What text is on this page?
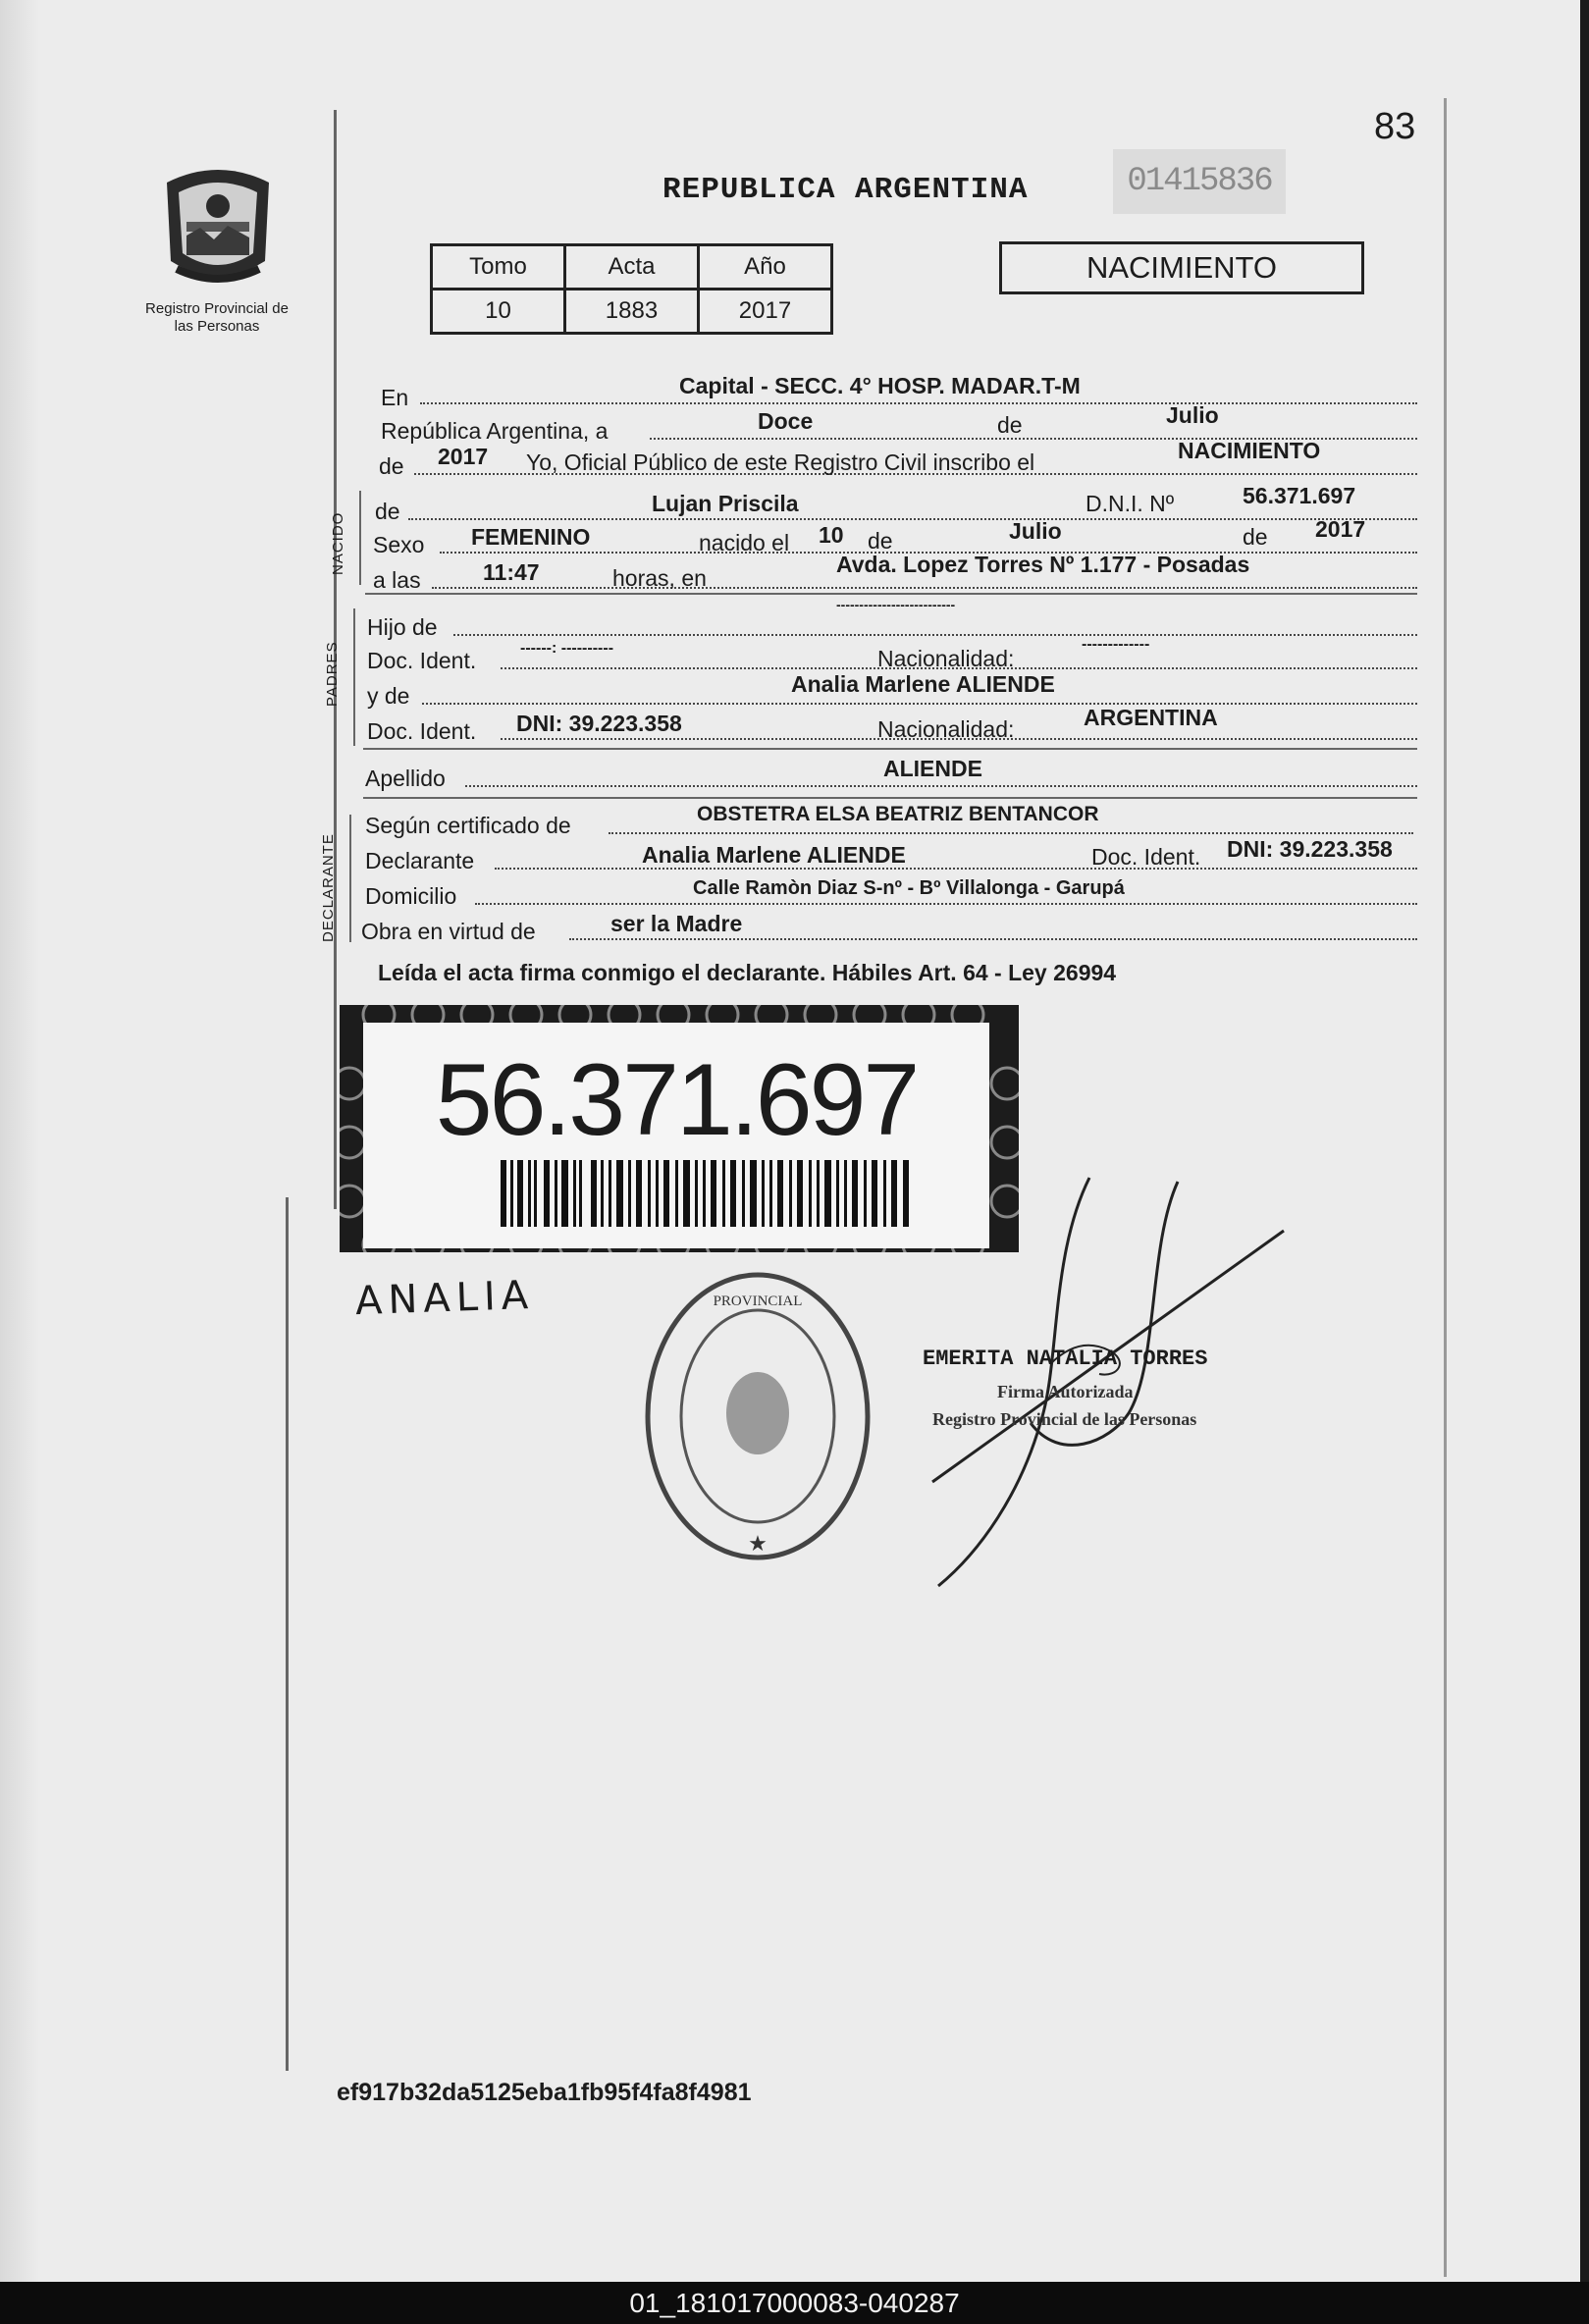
83
Registro Provincial de las Personas
REPUBLICA ARGENTINA	01415836
NACIMIENTO
Tomo	Acta	Año
10	1883	2017
En	Capital - SECC. 4° HOSP. MADAR.T-M
República Argentina, a	Doce	de	Julio
de 2017 Yo, Oficial Público de este Registro Civil inscribo el	NACIMIENTO
NACIDO
de	Lujan Priscila	D.N.I. Nº	56.371.697
Sexo FEMENINO	nacido el 10 de	Julio	de 2017
a las	11:47	horas, en
Avda. Lopez Torres Nº 1.177 - Posadas
PADRES
Hijo de
--------------------------
Doc. Ident.	------: ----------	Nacionalidad:
-------------
y de	Analia Marlene ALIENDE
Doc. Ident. DNI: 39.223.358	Nacionalidad:	ARGENTINA
Apellido	ALIENDE
DECLARANTE
Según certificado de	OBSTETRA ELSA BEATRIZ BENTANCOR
Declarante	Analia Marlene ALIENDE	Doc. Ident. DNI: 39.223.358
Domicilio	Calle Ramòn Diaz S-nº - Bº Villalonga - Garupá
Obra en virtud de	ser la Madre
Leída el acta firma conmigo el declarante. Hábiles Art. 64 - Ley 26994
56.371.697
ANALIA	PROVINCIAL
★
EMERITA NATALIA TORRES
Firma Autorizada
Registro Provincial de las Personas
ef917b32da5125eba1fb95f4fa8f4981
01_181017000083-040287
